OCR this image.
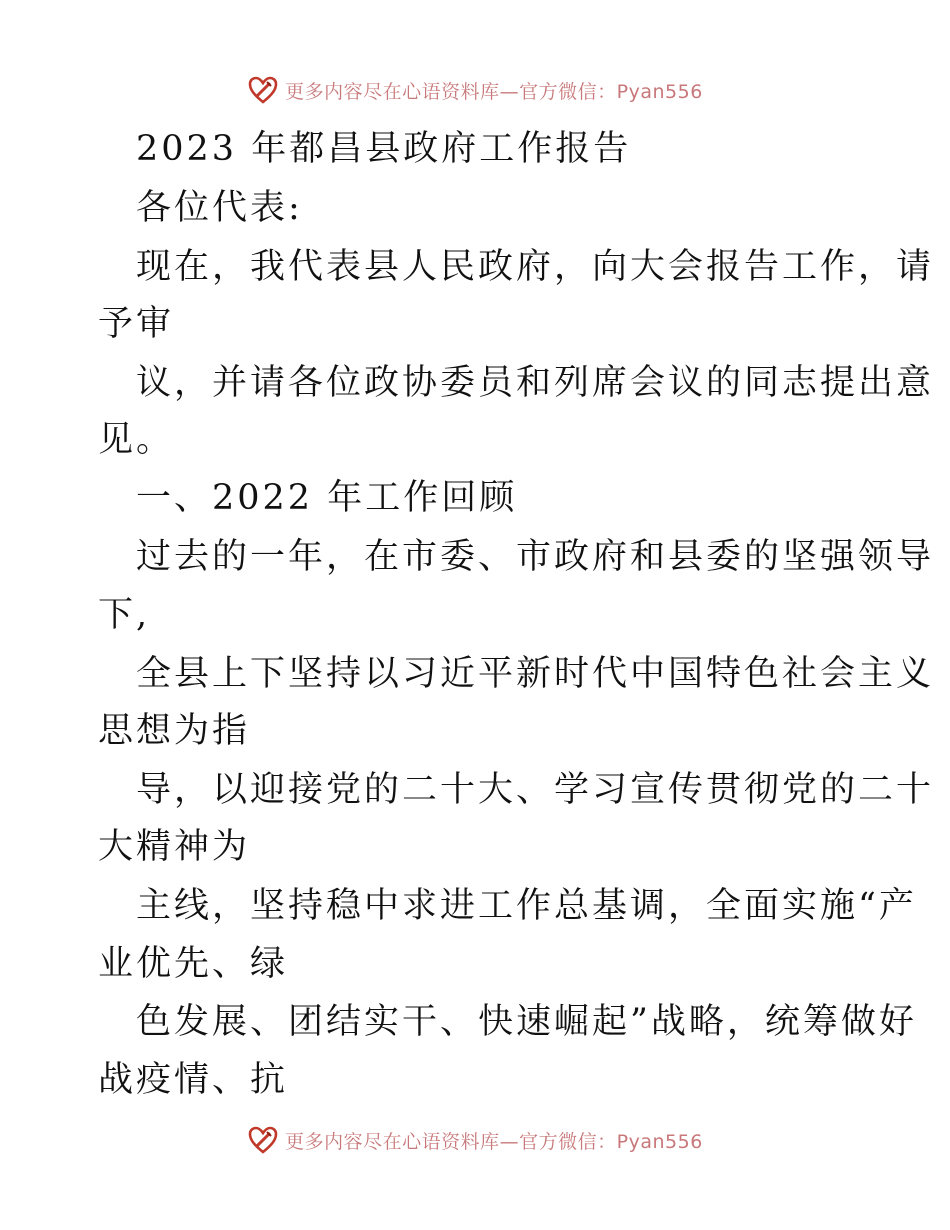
更多内容尽在心语资料库—官方微信：Pyan556
2023 年都昌县政府工作报告
各位代表:
现在，我代表县人民政府，向大会报告工作，请
予审
议，并请各位政协委员和列席会议的同志提出意
见。
一、2022 年工作回顾
过去的一年，在市委、市政府和县委的坚强领导
下,
全县上下坚持以习近平新时代中国特色社会主义
思想为指
导，以迎接党的二十大、学习宣传贯彻党的二十
大精神为
主线，坚持稳中求进工作总基调，全面实施“产
业优先、绿
色发展、团结实干、快速崛起”战略，统筹做好
战疫情、抗
更多内容尽在心语资料库—官方微信：Pyan556
